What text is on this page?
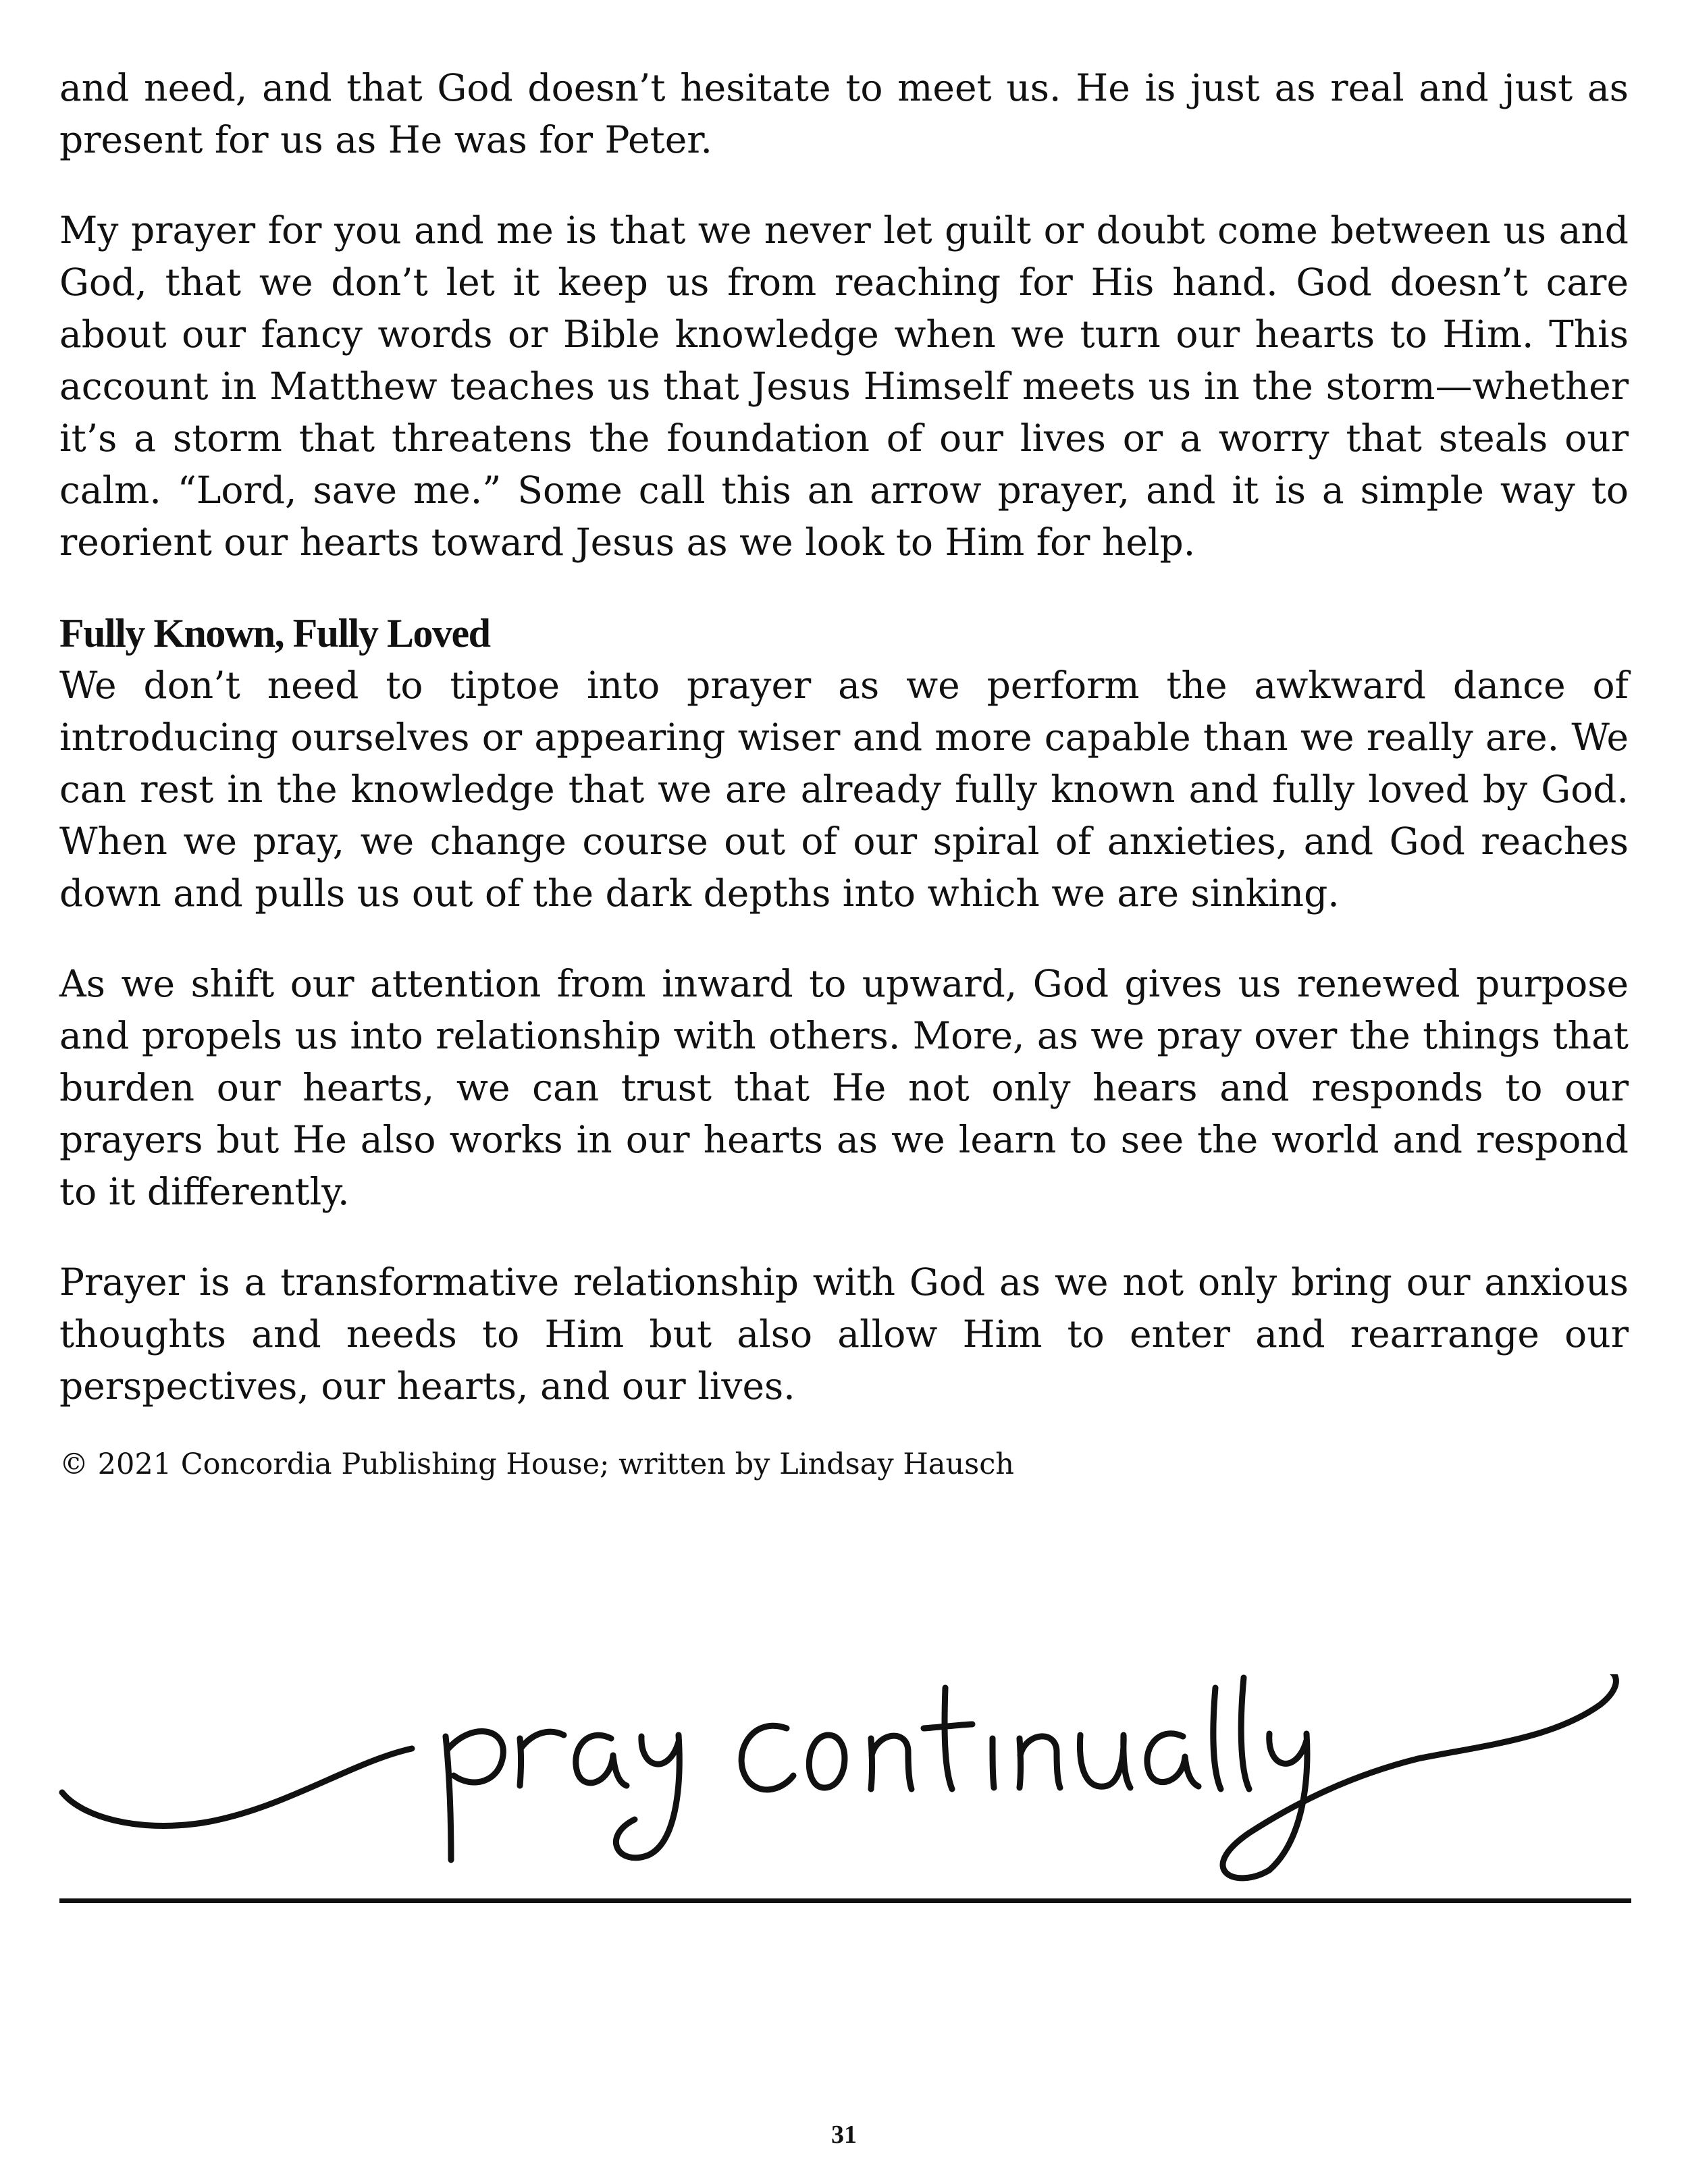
and need, and that God doesn’t hesitate to meet us. He is just as real and just as present for us as He was for Peter.

My prayer for you and me is that we never let guilt or doubt come between us and God, that we don’t let it keep us from reaching for His hand. God doesn’t care about our fancy words or Bible knowledge when we turn our hearts to Him. This account in Matthew teaches us that Jesus Himself meets us in the storm—whether it’s a storm that threatens the foundation of our lives or a worry that steals our calm. “Lord, save me.” Some call this an arrow prayer, and it is a simple way to reorient our hearts toward Jesus as we look to Him for help.

Fully Known, Fully Loved

We don’t need to tiptoe into prayer as we perform the awkward dance of introducing ourselves or appearing wiser and more capable than we really are. We can rest in the knowledge that we are already fully known and fully loved by God. When we pray, we change course out of our spiral of anxieties, and God reaches down and pulls us out of the dark depths into which we are sinking.

As we shift our attention from inward to upward, God gives us renewed purpose and propels us into relationship with others. More, as we pray over the things that burden our hearts, we can trust that He not only hears and responds to our prayers but He also works in our hearts as we learn to see the world and respond to it differently.

Prayer is a transformative relationship with God as we not only bring our anxious thoughts and needs to Him but also allow Him to enter and rearrange our perspectives, our hearts, and our lives.

© 2021 Concordia Publishing House; written by Lindsay Hausch

31
